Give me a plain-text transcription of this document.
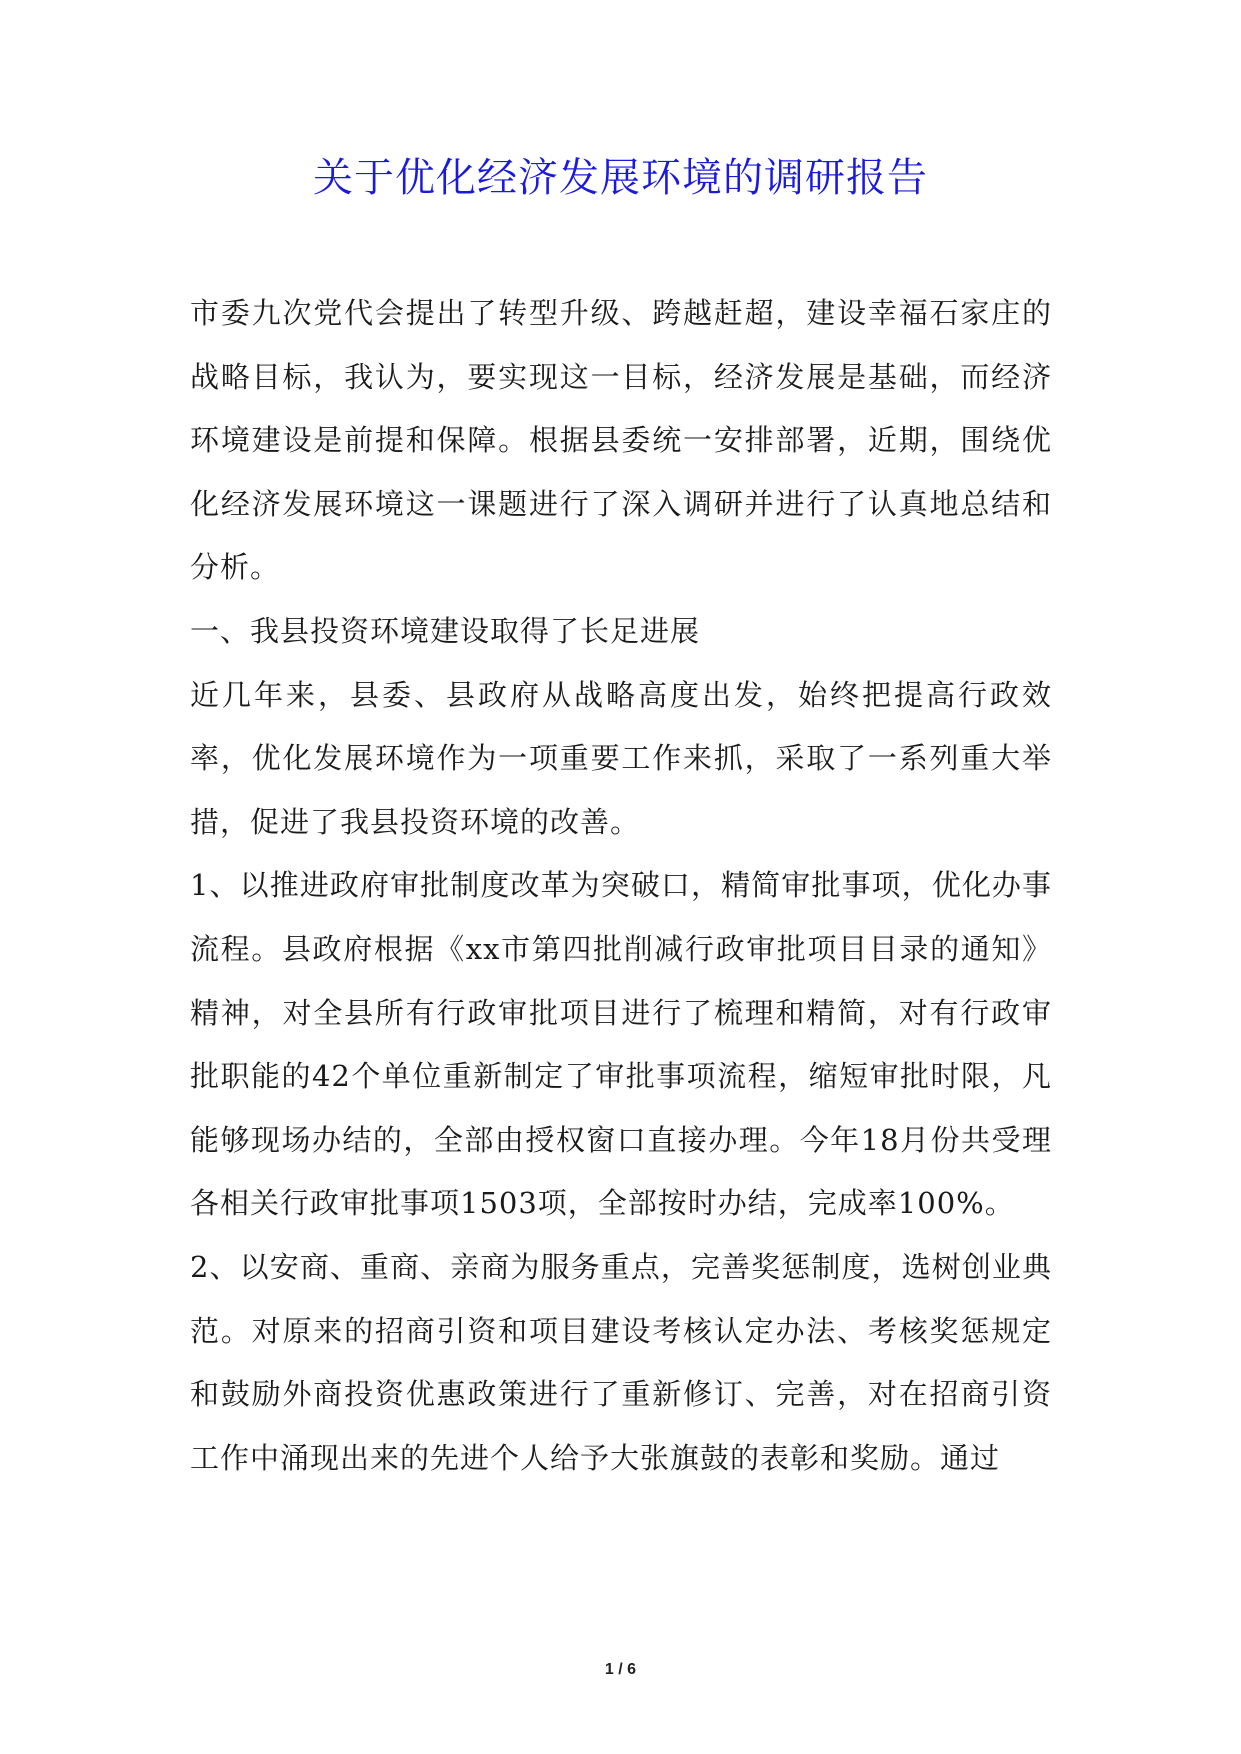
关于优化经济发展环境的调研报告

市委九次党代会提出了转型升级、跨越赶超，建设幸福石家庄的战略目标，我认为，要实现这一目标，经济发展是基础，而经济环境建设是前提和保障。根据县委统一安排部署，近期，围绕优化经济发展环境这一课题进行了深入调研并进行了认真地总结和分析。

一、我县投资环境建设取得了长足进展

近几年来，县委、县政府从战略高度出发，始终把提高行政效率，优化发展环境作为一项重要工作来抓，采取了一系列重大举措，促进了我县投资环境的改善。

1、以推进政府审批制度改革为突破口，精简审批事项，优化办事流程。县政府根据《xx市第四批削减行政审批项目目录的通知》精神，对全县所有行政审批项目进行了梳理和精简，对有行政审批职能的42个单位重新制定了审批事项流程，缩短审批时限，凡能够现场办结的，全部由授权窗口直接办理。今年18月份共受理各相关行政审批事项1503项，全部按时办结，完成率100%。

2、以安商、重商、亲商为服务重点，完善奖惩制度，选树创业典范。对原来的招商引资和项目建设考核认定办法、考核奖惩规定和鼓励外商投资优惠政策进行了重新修订、完善，对在招商引资工作中涌现出来的先进个人给予大张旗鼓的表彰和奖励。通过

1 / 6
